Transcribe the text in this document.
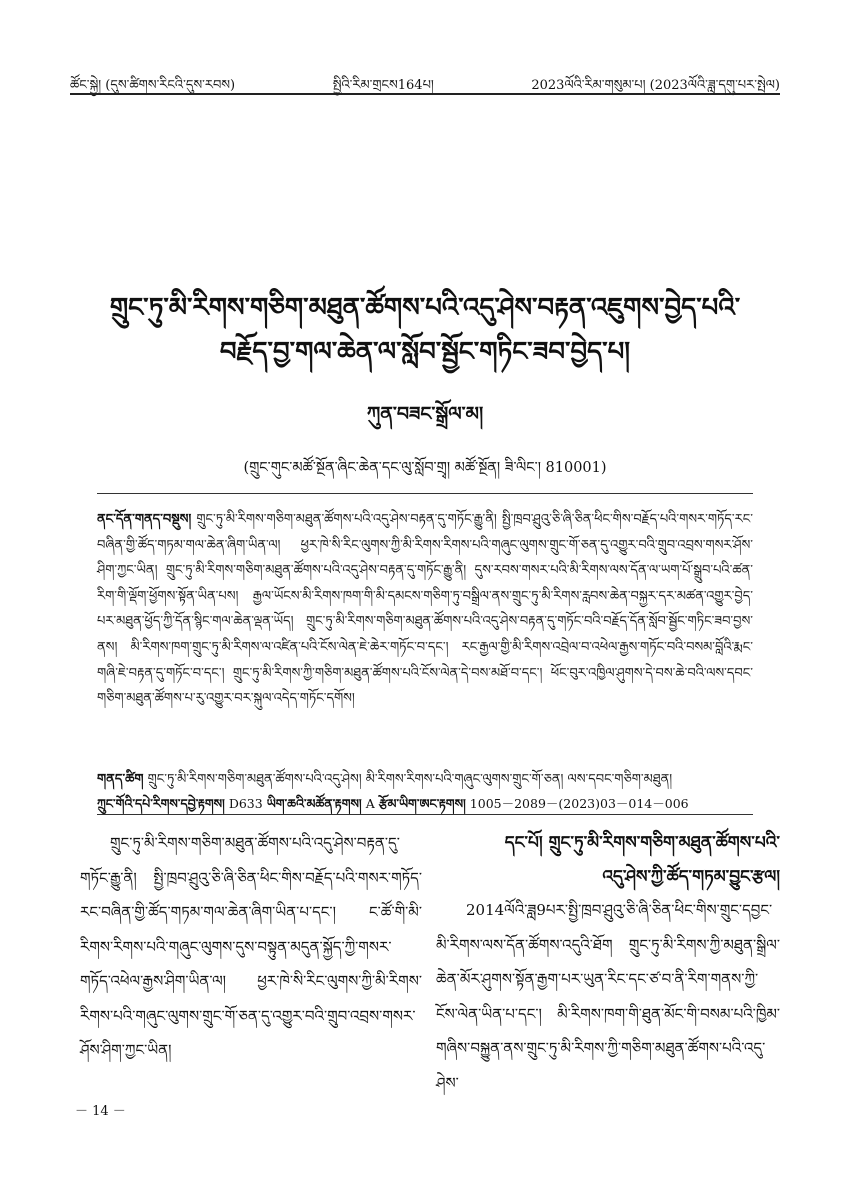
ཚོང་སྐྱེ། (དུས་ཚིགས་རིངའི་དུས་རབས)	སྤྱིའི་རིམ་གྲངས164པ།	2023ལོའི་རིམ་གསུམ་པ། (2023ལོའི་ཟླ་དགུ་པར་སྤེལ)
གྲུང་ཏུ་མི་རིགས་གཅིག་མཐུན་ཚོགས་པའི་འདུ་ཤེས་བརྟན་འཇུགས་བྱེད་པའི་
བརྗོད་བྱ་གལ་ཆེན་ལ་སློབ་སྦྱོང་གཏིང་ཟབ་བྱེད་པ།
ཀུན་བཟང་སྒྲོལ་མ།
(གྲུང་གུང་མཚོ་སྔོན་ཞིང་ཆེན་དང་ལུ་སློབ་གྲྭ། མཚོ་སྔོན། ཟི་ལིང་། 810001)
ནང་དོན་གནད་བསྡུས། གྲུང་ཏུ་མི་རིགས་གཅིག་མཐུན་ཚོགས་པའི་འདུ་ཤེས་བརྟན་དུ་གཏོང་རྒྱུ་ནི། སྤྱི་ཁྲབ་ཤྲུའུ་ཅི་ཞི་ཅིན་ཕིང་གིས་བརྗོད་པའི་གསར་གཏོད་རང་བཞིན་གྱི་ཚོད་གཏམ་གལ་ཆེན་ཞིག་ཡིན་ལ། ཕྱར་ཁེ་སི་རིང་ལུགས་ཀྱི་མི་རིགས་རིགས་པའི་གཞུང་ལུགས་གྲུང་གོ་ཅན་དུ་འགྱུར་བའི་གྲུབ་འབྲས་གསར་ཤོས་ཤིག་ཀྱང་ཡིན། གྲུང་ཏུ་མི་རིགས་གཅིག་མཐུན་ཚོགས་པའི་འདུ་ཤེས་བརྟན་དུ་གཏོང་རྒྱུ་ནི། དུས་རབས་གསར་པའི་མི་རིགས་ལས་དོན་ལ་ཡག་པོ་སྒྲུབ་པའི་ཚན་རིག་གི་ལྡོག་ཕྱོགས་སྟོན་ཡིན་པས། རྒྱལ་ཡོངས་མི་རིགས་ཁག་གི་མི་དམངས་གཅིག་ཏུ་བསྒྲིལ་ནས་གྲུང་ཏུ་མི་རིགས་རླབས་ཆེན་བསྐྱར་དར་མཚན་འགྱུར་བྱེད་པར་མཐུན་ཕྱོད་ཀྱི་དོན་སྙིང་གལ་ཆེན་ལྡན་ཡོད། གྲུང་ཏུ་མི་རིགས་གཅིག་མཐུན་ཚོགས་པའི་འདུ་ཤེས་བརྟན་དུ་གཏོང་བའི་བརྗོད་དོན་སློབ་སྦྱོང་གཏིང་ཟབ་བྱས་ནས། མི་རིགས་ཁག་གྲུང་ཏུ་མི་རིགས་ལ་འཛིན་པའི་ངོས་ལེན་ཇེ་ཆེར་གཏོང་བ་དང་། རང་རྒྱལ་གྱི་མི་རིགས་འབྲེལ་བ་འཕེལ་རྒྱས་གཏོང་བའི་བསམ་བློའི་རྨང་གཞི་ཇེ་བརྟན་དུ་གཏོང་བ་དང་། གྲུང་ཏུ་མི་རིགས་ཀྱི་གཅིག་མཐུན་ཚོགས་པའི་ངོས་ལེན་དེ་བས་མཐོ་བ་དང་། ཕོང་བུར་འཁྱིལ་ཤུགས་དེ་བས་ཆེ་བའི་ལས་དབང་གཅིག་མཐུན་ཚོགས་པ་རུ་འགྱུར་བར་སྐུལ་འདེད་གཏོང་དགོས།
གནད་ཚིག གྲུང་ཏུ་མི་རིགས་གཅིག་མཐུན་ཚོགས་པའི་འདུ་ཤེས། མི་རིགས་རིགས་པའི་གཞུང་ལུགས་གྲུང་གོ་ཅན། ལས་དབང་གཅིག་མཐུན།
ཀྲུང་གོའི་དཔེ་རིགས་དབྱེ་རྟགས། D633 ཡིག་ཆའི་མཚོན་རྟགས། A རྩོམ་ཡིག་ཨང་རྟགས། 1005－2089－(2023)03－014－006
གྲུང་ཏུ་མི་རིགས་གཅིག་མཐུན་ཚོགས་པའི་འདུ་ཤེས་བརྟན་དུ་གཏོང་རྒྱུ་ནི། སྤྱི་ཁྲབ་ཤྲུའུ་ཅི་ཞི་ཅིན་ཕིང་གིས་བརྗོད་པའི་གསར་གཏོད་རང་བཞིན་གྱི་ཚོད་གཏམ་གལ་ཆེན་ཞིག་ཡིན་པ་དང་། ང་ཚོ་གི་མི་རིགས་རིགས་པའི་གཞུང་ལུགས་དུས་བསྟུན་མདུན་སྐྱོད་ཀྱི་གསར་གཏོད་འཕེལ་རྒྱས་ཤིག་ཡིན་ལ། ཕྱར་ཁེ་སི་རིང་ལུགས་ཀྱི་མི་རིགས་རིགས་པའི་གཞུང་ལུགས་གྲུང་གོ་ཅན་དུ་འགྱུར་བའི་གྲུབ་འབྲས་གསར་ཤོས་ཤིག་ཀྱང་ཡིན།
དང་པོ། གྲུང་ཏུ་མི་རིགས་གཅིག་མཐུན་ཚོགས་པའི་
འདུ་ཤེས་ཀྱི་ཚོད་གཏམ་བྱུང་རྩལ།
2014ལོའི་ཟླ9པར་སྤྱི་ཁྲབ་ཤྲུའུ་ཅི་ཞི་ཅིན་ཕིང་གིས་གྲུང་དབྱང་མི་རིགས་ལས་དོན་ཚོགས་འདུའི་ཐོག གྲུང་ཏུ་མི་རིགས་ཀྱི་མཐུན་སྒྲིལ་ཆེན་མོར་ཤུགས་སྟོན་རྒྱག་པར་ཡུན་རིང་དང་ཙ་བ་ནི་རིག་གནས་ཀྱི་ངོས་ལེན་ཡིན་པ་དང་། མི་རིགས་ཁག་གི་ཐུན་མོང་གི་བསམ་པའི་ཁྱིམ་གཞིས་བསྐྱུན་ནས་གྲུང་ཏུ་མི་རིགས་ཀྱི་གཅིག་མཐུན་ཚོགས་པའི་འདུ་ཤེས་
－ 14 －
